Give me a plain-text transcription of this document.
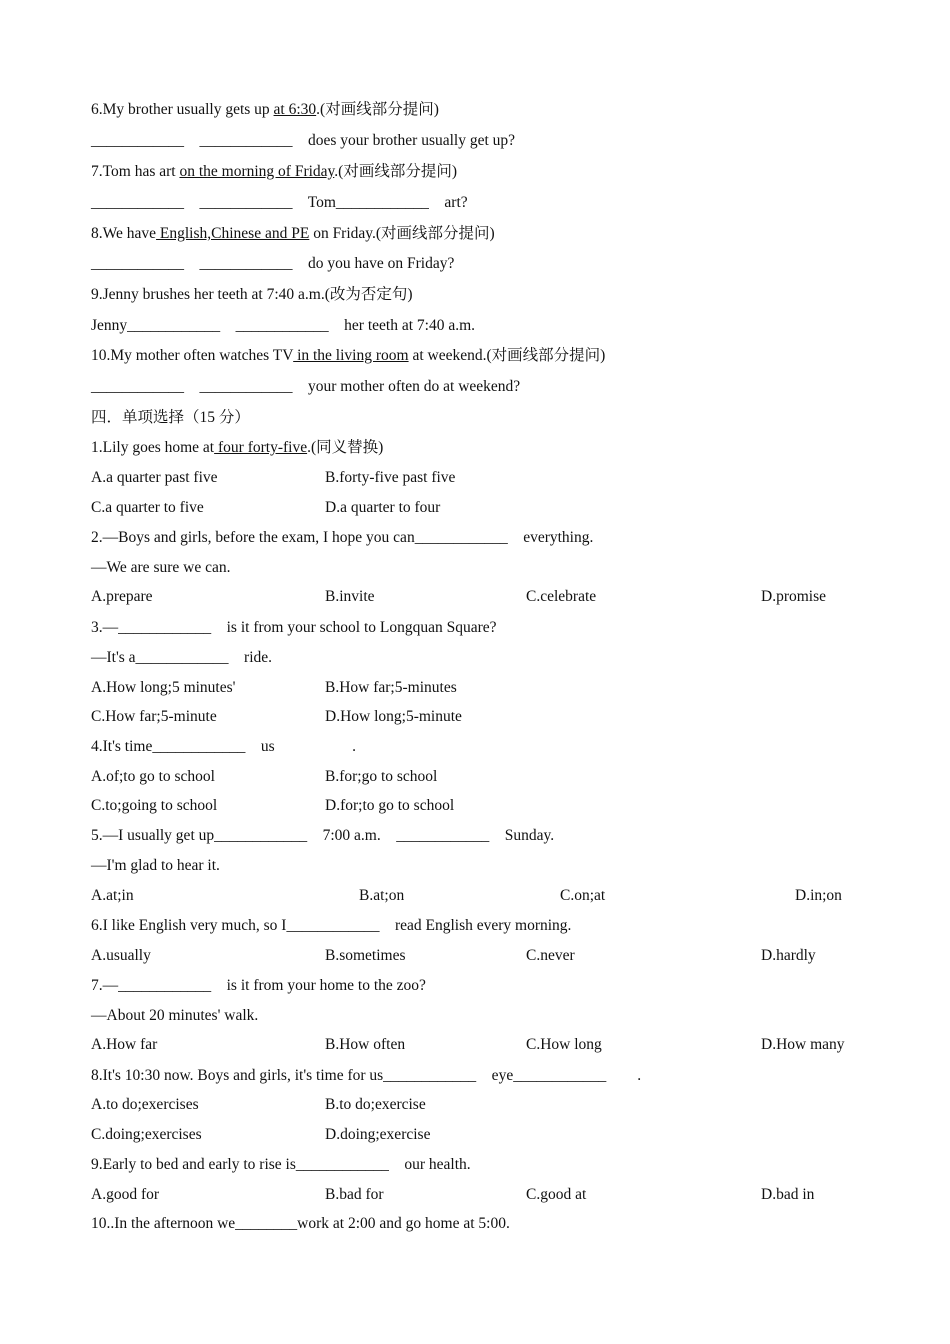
6.My brother usually gets up at 6:30.(对画线部分提问)
____________    ____________    does your brother usually get up?
7.Tom has art on the morning of Friday.(对画线部分提问)
____________    ____________    Tom____________    art?
8.We have English,Chinese and PE on Friday.(对画线部分提问)
____________    ____________    do you have on Friday?
9.Jenny brushes her teeth at 7:40 a.m.(改为否定句)
Jenny____________    ____________    her teeth at 7:40 a.m.
10.My mother often watches TV in the living room at weekend.(对画线部分提问)
____________    ____________    your mother often do at weekend?
四．单项选择（15 分）
1.Lily goes home at four forty-five.(同义替换)
A.a quarter past five	B.forty-five past five
C.a quarter to five	D.a quarter to four
2.—Boys and girls, before the exam, I hope you can____________    everything.
—We are sure we can.
A.prepare	B.invite	C.celebrate	D.promise
3.—____________    is it from your school to Longquan Square?
—It's a____________    ride.
A.How long;5 minutes'	B.How far;5-minutes
C.How far;5-minute	D.How long;5-minute
4.It's time____________    us                    .
A.of;to go to school	B.for;go to school
C.to;going to school	D.for;to go to school
5.—I usually get up____________    7:00 a.m.    ____________    Sunday.
—I'm glad to hear it.
A.at;in	B.at;on	C.on;at	D.in;on
6.I like English very much, so I____________    read English every morning.
A.usually	B.sometimes	C.never	D.hardly
7.—____________    is it from your home to the zoo?
—About 20 minutes' walk.
A.How far	B.How often	C.How long	D.How many
8.It's 10:30 now. Boys and girls, it's time for us____________    eye____________        .
A.to do;exercises	B.to do;exercise
C.doing;exercises	D.doing;exercise
9.Early to bed and early to rise is____________    our health.
A.good for	B.bad for	C.good at	D.bad in
10..In the afternoon we________work at 2:00 and go home at 5:00.
